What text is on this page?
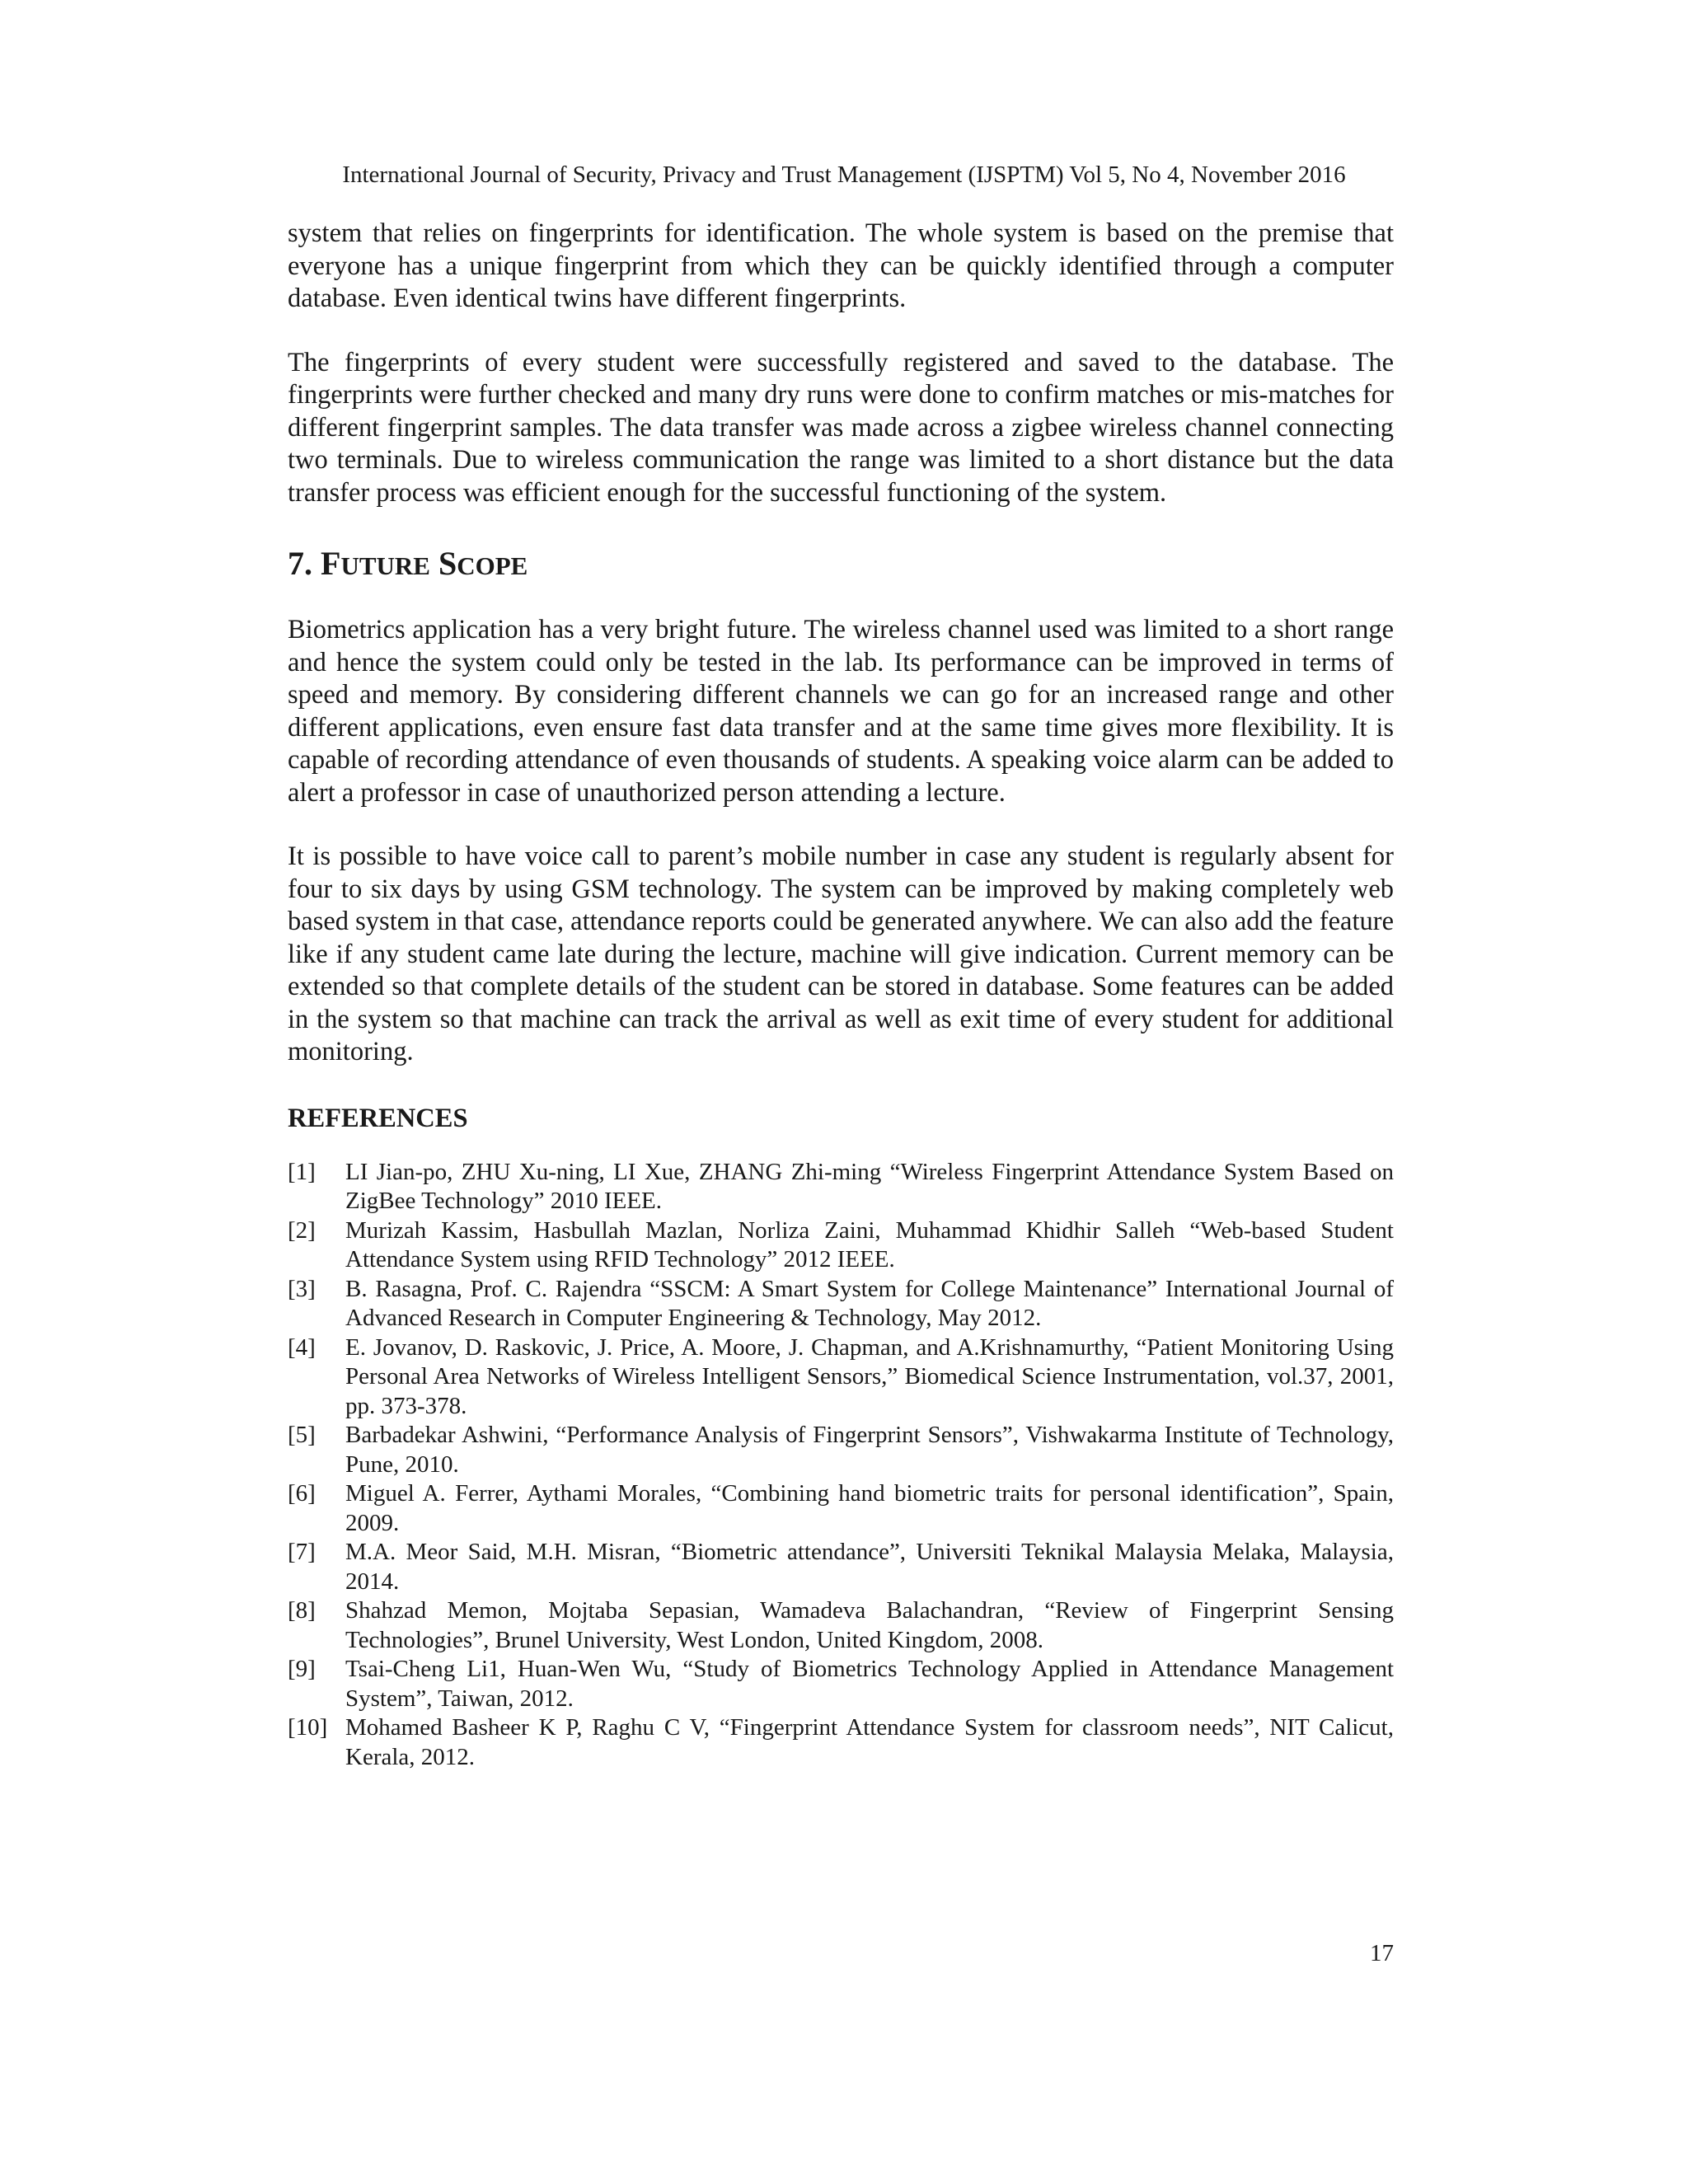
International Journal of Security, Privacy and Trust Management (IJSPTM) Vol 5, No 4, November 2016

system that relies on fingerprints for identification. The whole system is based on the premise that everyone has a unique fingerprint from which they can be quickly identified through a computer database. Even identical twins have different fingerprints.

The fingerprints of every student were successfully registered and saved to the database. The fingerprints were further checked and many dry runs were done to confirm matches or mis-matches for different fingerprint samples. The data transfer was made across a zigbee wireless channel connecting two terminals. Due to wireless communication the range was limited to a short distance but the data transfer process was efficient enough for the successful functioning of the system.

7. FUTURE SCOPE

Biometrics application has a very bright future. The wireless channel used was limited to a short range and hence the system could only be tested in the lab. Its performance can be improved in terms of speed and memory. By considering different channels we can go for an increased range and other different applications, even ensure fast data transfer and at the same time gives more flexibility. It is capable of recording attendance of even thousands of students. A speaking voice alarm can be added to alert a professor in case of unauthorized person attending a lecture.

It is possible to have voice call to parent’s mobile number in case any student is regularly absent for four to six days by using GSM technology. The system can be improved by making completely web based system in that case, attendance reports could be generated anywhere. We can also add the feature like if any student came late during the lecture, machine will give indication. Current memory can be extended so that complete details of the student can be stored in database. Some features can be added in the system so that machine can track the arrival as well as exit time of every student for additional monitoring.

REFERENCES
[1] LI Jian-po, ZHU Xu-ning, LI Xue, ZHANG Zhi-ming “Wireless Fingerprint Attendance System Based on ZigBee Technology” 2010 IEEE.
[2] Murizah Kassim, Hasbullah Mazlan, Norliza Zaini, Muhammad Khidhir Salleh “Web-based Student Attendance System using RFID Technology” 2012 IEEE.
[3] B. Rasagna, Prof. C. Rajendra “SSCM: A Smart System for College Maintenance” International Journal of Advanced Research in Computer Engineering & Technology, May 2012.
[4] E. Jovanov, D. Raskovic, J. Price, A. Moore, J. Chapman, and A.Krishnamurthy, “Patient Monitoring Using Personal Area Networks of Wireless Intelligent Sensors,” Biomedical Science Instrumentation, vol.37, 2001, pp. 373-378.
[5] Barbadekar Ashwini, “Performance Analysis of Fingerprint Sensors”, Vishwakarma Institute of Technology, Pune, 2010.
[6] Miguel A. Ferrer, Aythami Morales, “Combining hand biometric traits for personal identification”, Spain, 2009.
[7] M.A. Meor Said, M.H. Misran, “Biometric attendance”, Universiti Teknikal Malaysia Melaka, Malaysia, 2014.
[8] Shahzad Memon, Mojtaba Sepasian, Wamadeva Balachandran, “Review of Fingerprint Sensing Technologies”, Brunel University, West London, United Kingdom, 2008.
[9] Tsai-Cheng Li1, Huan-Wen Wu, “Study of Biometrics Technology Applied in Attendance Management System”, Taiwan, 2012.
[10] Mohamed Basheer K P, Raghu C V, “Fingerprint Attendance System for classroom needs”, NIT Calicut, Kerala, 2012.
17
